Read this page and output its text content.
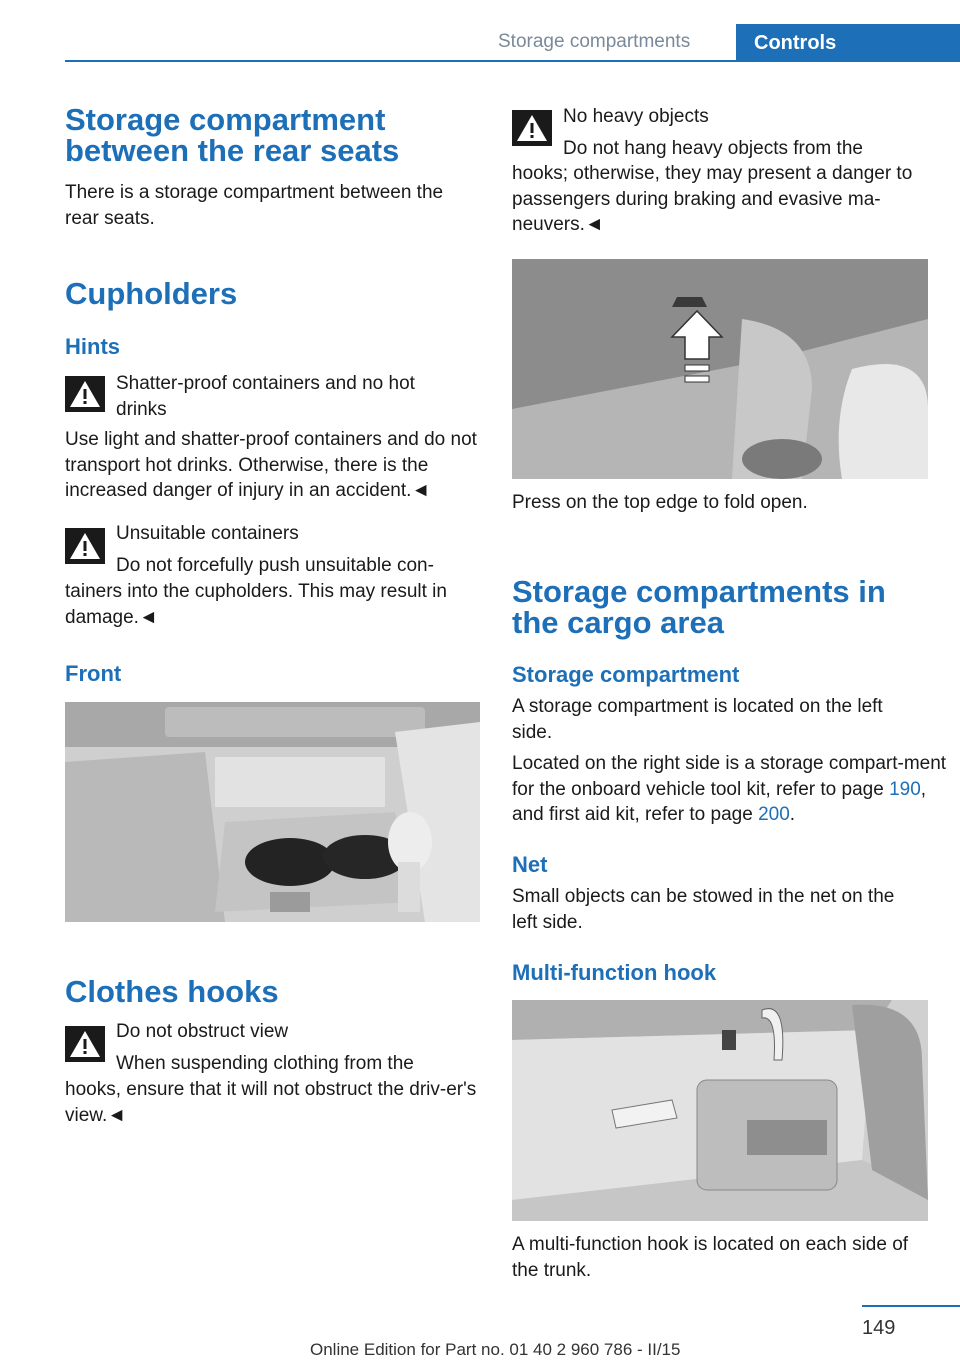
Storage compartments	Controls
Storage compartment between the rear seats

There is a storage compartment between the rear seats.

Cupholders
Hints

Shatter-proof containers and no hot drinks

Use light and shatter-proof containers and do not transport hot drinks. Otherwise, there is the increased danger of injury in an accident.◄

Unsuitable containers

Do not forcefully push unsuitable con-

tainers into the cupholders. This may result in damage.◄

Front
Clothes hooks

Do not obstruct view

When suspending clothing from the

hooks, ensure that it will not obstruct the driv-er's view.◄

No heavy objects

Do not hang heavy objects from the

hooks; otherwise, they may present a danger to passengers during braking and evasive ma-neuvers.◄

Press on the top edge to fold open.

Storage compartments in the cargo area
Storage compartment

A storage compartment is located on the left side.

Located on the right side is a storage compart-ment for the onboard vehicle tool kit, refer to page 190, and first aid kit, refer to page 200.

Net

Small objects can be stowed in the net on the left side.

Multi-function hook

A multi-function hook is located on each side of the trunk.

149
Online Edition for Part no. 01 40 2 960 786 - II/15
